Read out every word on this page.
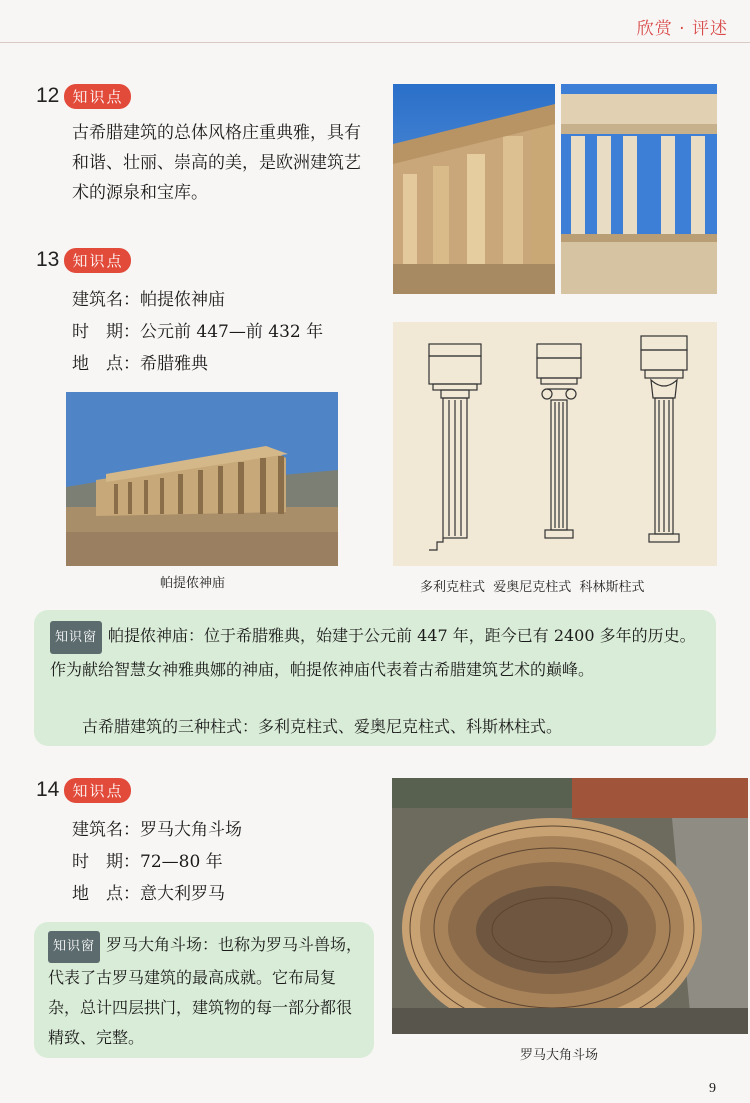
欣赏 · 评述
12 知识点
古希腊建筑的总体风格庄重典雅，具有和谐、壮丽、崇高的美，是欧洲建筑艺术的源泉和宝库。
13 知识点
建筑名：帕提侬神庙
时　期：公元前 447—前 432 年
地　点：希腊雅典
帕提侬神庙	多利克柱式  爱奥尼克柱式  科林斯柱式
知识窗 帕提侬神庙：位于希腊雅典，始建于公元前 447 年，距今已有 2400 多年的历史。作为献给智慧女神雅典娜的神庙，帕提侬神庙代表着古希腊建筑艺术的巅峰。
古希腊建筑的三种柱式：多利克柱式、爱奥尼克柱式、科斯林柱式。
14 知识点
建筑名：罗马大角斗场
时　期：72—80 年
地　点：意大利罗马
知识窗 罗马大角斗场：也称为罗马斗兽场，代表了古罗马建筑的最高成就。它布局复杂，总计四层拱门，建筑物的每一部分都很精致、完整。
罗马大角斗场
9
